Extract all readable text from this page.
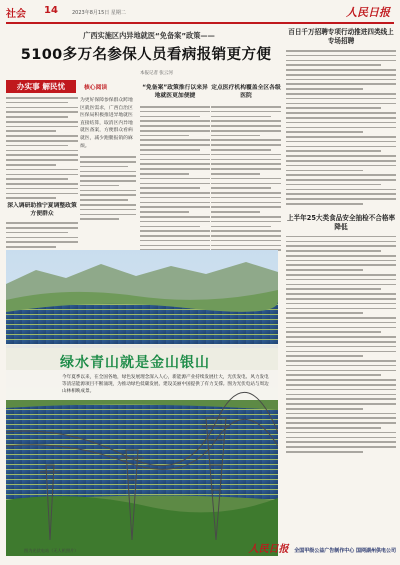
社会 14	2023年8月15日 星期二	人民日报
广西实施区内异地就医“免备案”政策——
5100多万名参保人员看病报销更方便
本报记者 张云河
办实事 解民忧
深入调研助推宁夏调整政策方便群众
核心阅读
为更好保障参保群众跨地区就医需求，广西自治区医保局积极推进异地就医直接结算，取消区内异地就医备案，方便群众看病就医，减少跑腿报销的麻烦。
“免备案”政策推行以来异地就医更加便捷
定点医疗机构覆盖全区各级医院
百日千万招聘专项行动推进四类线上专场招聘
上半年25大类食品安全抽检不合格率降低
绿水青山就是金山银山
今年夏季以来，在全国各地，绿色发展理念深入人心，新能源产业持续发展壮大，光伏发电、风力发电等清洁能源项目不断涌现，为推动绿色低碳发展、建设美丽中国提供了有力支撑。图为光伏电站与周边山林相映成景。
图为光伏电站（无人机照片）	人民日报 全国甲级公益广告制作中心 国网湖州供电公司
